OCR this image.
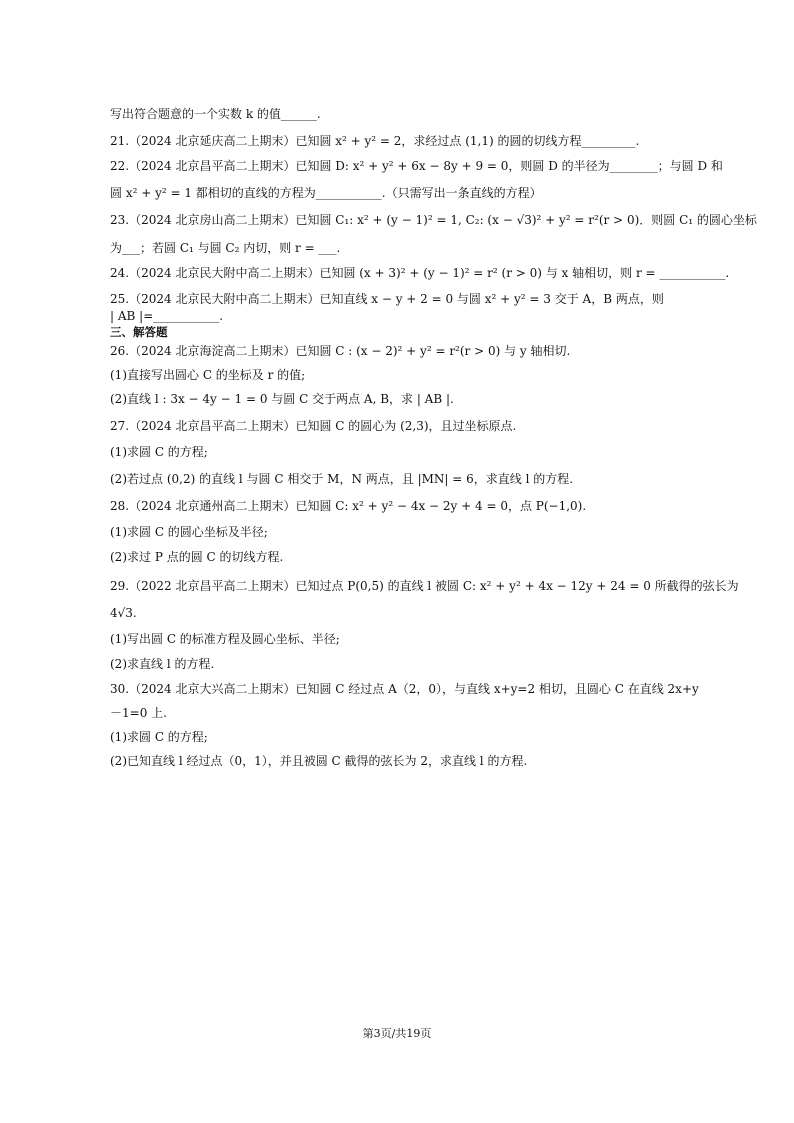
写出符合题意的一个实数 k 的值______.
21.（2024 北京延庆高二上期末）已知圆 x² + y² = 2，求经过点 (1,1) 的圆的切线方程_________.
22.（2024 北京昌平高二上期末）已知圆 D: x² + y² + 6x − 8y + 9 = 0，则圆 D 的半径为________；与圆 D 和
圆 x² + y² = 1 都相切的直线的方程为___________.（只需写出一条直线的方程）
23.（2024 北京房山高二上期末）已知圆 C₁: x² + (y − 1)² = 1, C₂: (x − √3)² + y² = r²(r > 0)．则圆 C₁ 的圆心坐标
为___；若圆 C₁ 与圆 C₂ 内切，则 r = ___.
24.（2024 北京民大附中高二上期末）已知圆 (x + 3)² + (y − 1)² = r² (r > 0) 与 x 轴相切，则 r = ___________.
25.（2024 北京民大附中高二上期末）已知直线 x − y + 2 = 0 与圆 x² + y² = 3 交于 A，B 两点，则
| AB |=___________.
三、解答题
26.（2024 北京海淀高二上期末）已知圆 C : (x − 2)² + y² = r²(r > 0) 与 y 轴相切.
(1)直接写出圆心 C 的坐标及 r 的值;
(2)直线 l : 3x − 4y − 1 = 0 与圆 C 交于两点 A, B，求 | AB |.
27.（2024 北京昌平高二上期末）已知圆 C 的圆心为 (2,3)，且过坐标原点.
(1)求圆 C 的方程;
(2)若过点 (0,2) 的直线 l 与圆 C 相交于 M，N 两点，且 |MN| = 6，求直线 l 的方程.
28.（2024 北京通州高二上期末）已知圆 C: x² + y² − 4x − 2y + 4 = 0，点 P(−1,0).
(1)求圆 C 的圆心坐标及半径;
(2)求过 P 点的圆 C 的切线方程.
29.（2022 北京昌平高二上期末）已知过点 P(0,5) 的直线 l 被圆 C: x² + y² + 4x − 12y + 24 = 0 所截得的弦长为
4√3.
(1)写出圆 C 的标准方程及圆心坐标、半径;
(2)求直线 l 的方程.
30.（2024 北京大兴高二上期末）已知圆 C 经过点 A（2，0），与直线 x+y=2 相切，且圆心 C 在直线 2x+y
－1=0 上.
(1)求圆 C 的方程;
(2)已知直线 l 经过点（0，1），并且被圆 C 截得的弦长为 2，求直线 l 的方程.
第3页/共19页
